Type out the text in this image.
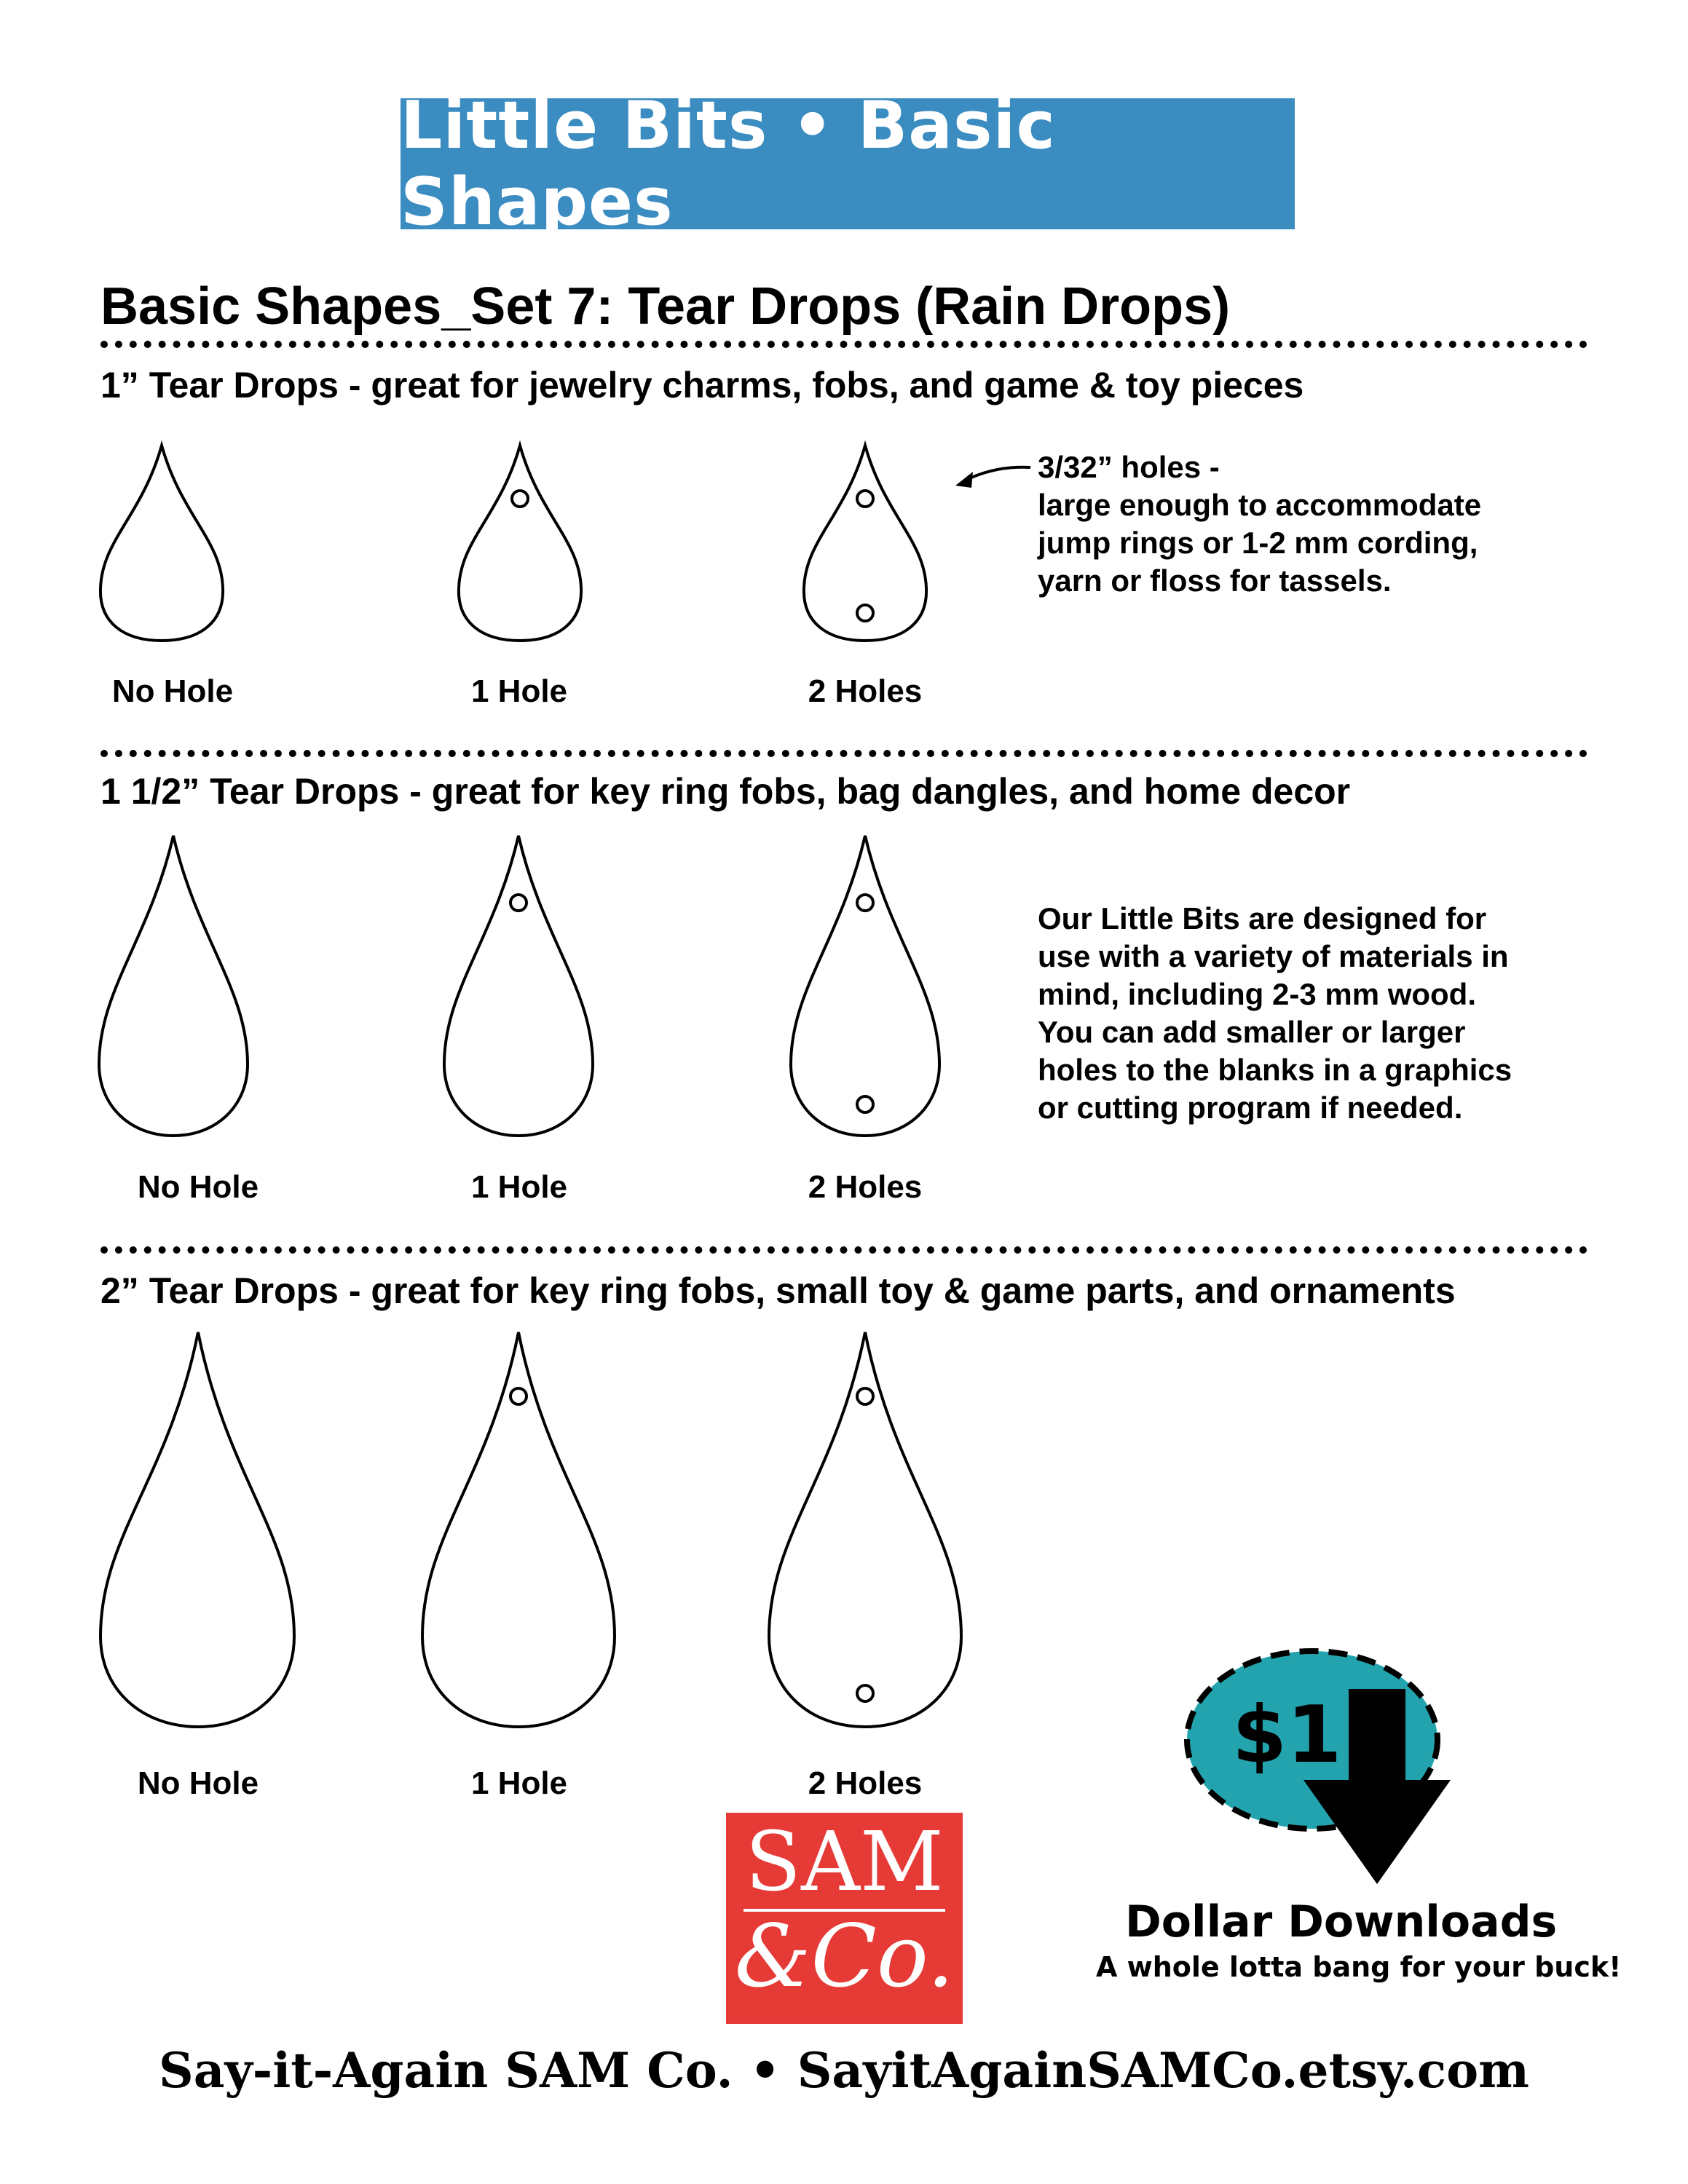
Little Bits • Basic Shapes
Basic Shapes_Set 7: Tear Drops (Rain Drops)
1” Tear Drops - great for jewelry charms, fobs, and game & toy pieces
1 1/2” Tear Drops - great for key ring fobs, bag dangles, and home decor
2” Tear Drops - great for key ring fobs, small toy & game parts, and ornaments
No Hole	1 Hole	2 Holes
No Hole	1 Hole	2 Holes
No Hole	1 Hole	2 Holes
3/32” holes -
large enough to accommodate
jump rings or 1-2 mm cording,
yarn or floss for tassels.
Our Little Bits are designed for
use with a variety of materials in
mind, including 2-3 mm wood.
You can add smaller or larger
holes to the blanks in a graphics
or cutting program if needed.
SAM
&Co.
$1
Dollar Downloads
A whole lotta bang for your buck!
Say-it-Again SAM Co. • SayitAgainSAMCo.etsy.com
